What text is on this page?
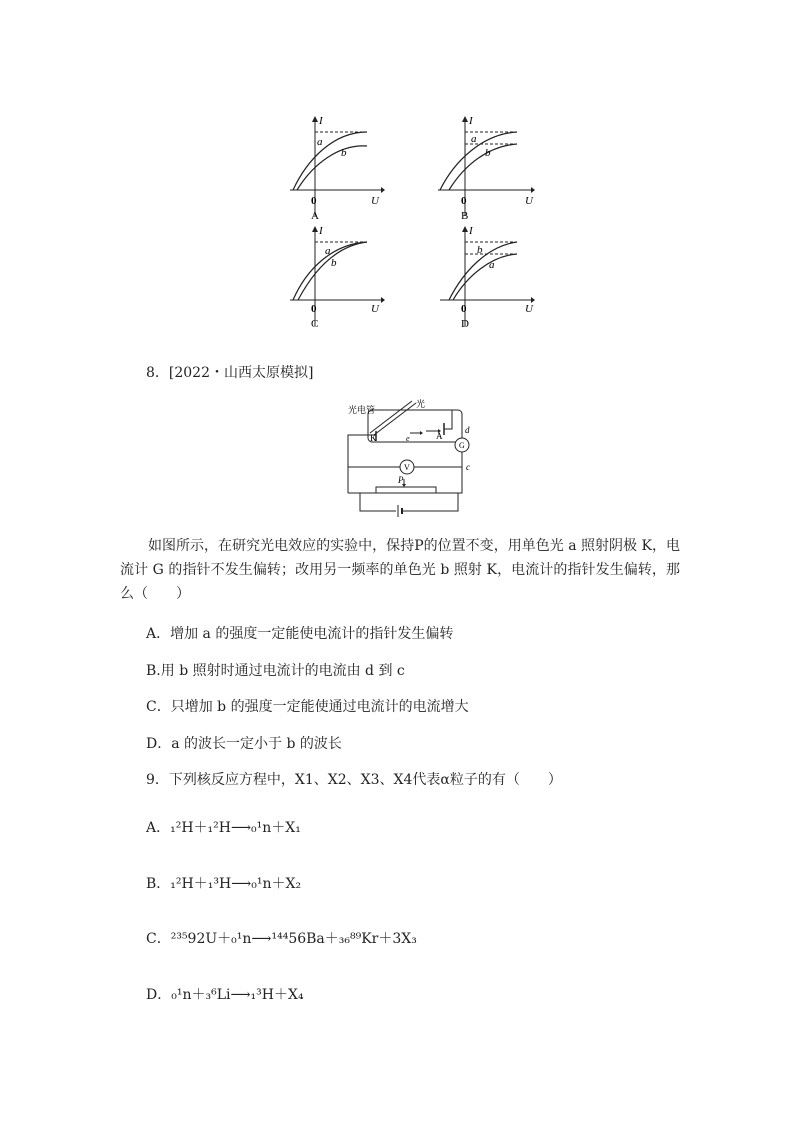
I
a
b
0	U
A
I
a
b
0	U
B
I
a
b
0	U
C
I
b
a
0	U
D
8．[2022・山西太原模拟]
光电管
光
K	A
e
G
V
d
c
P
如图所示，在研究光电效应的实验中，保持P的位置不变，用单色光 a 照射阴极 K，电流计 G 的指针不发生偏转；改用另一频率的单色光 b 照射 K，电流计的指针发生偏转，那么（　　）
A．增加 a 的强度一定能使电流计的指针发生偏转
B.用 b 照射时通过电流计的电流由 d 到 c
C．只增加 b 的强度一定能使通过电流计的电流增大
D．a 的波长一定小于 b 的波长
9．下列核反应方程中，X1、X2、X3、X4代表α粒子的有（　　）
A．₁²H＋₁²H⟶₀¹n＋X₁
B．₁²H＋₁³H⟶₀¹n＋X₂
C．²³⁵92U＋₀¹n⟶¹⁴⁴56Ba＋₃₆⁸⁹Kr＋3X₃
D．₀¹n＋₃⁶Li⟶₁³H＋X₄
